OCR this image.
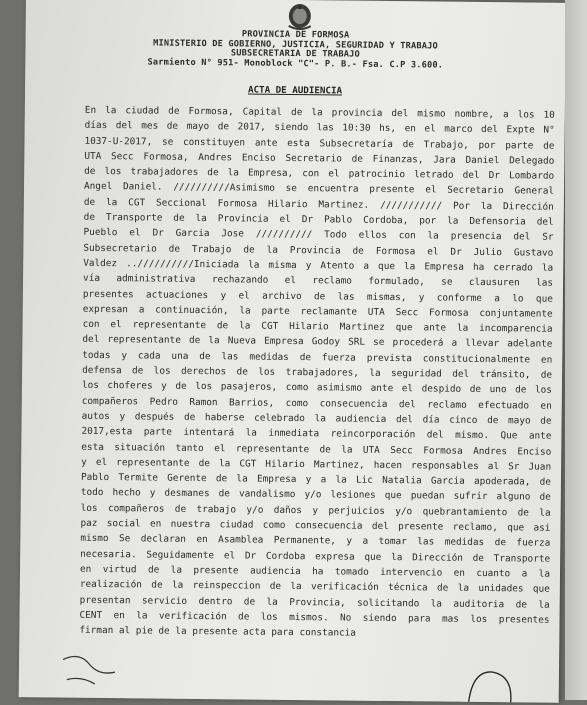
PROVINCIA DE FORMOSA
MINISTERIO DE GOBIERNO, JUSTICIA, SEGURIDAD Y TRABAJO
SUBSECRETARIA DE TRABAJO
Sarmiento N° 951- Monoblock "C"- P. B.- Fsa. C.P 3.600.
ACTA DE AUDIENCIA
En la ciudad de Formosa, Capital de la provincia del mismo nombre, a los 10
días del mes de mayo de 2017, siendo las 10:30 hs, en el marco del Expte N°
1037-U-2017, se constituyen ante esta Subsecretaría de Trabajo, por parte de
UTA Secc Formosa, Andres Enciso Secretario de Finanzas, Jara Daniel Delegado
de los trabajadores de la Empresa, con el patrocinio letrado del Dr Lombardo
Angel Daniel. //////////Asimismo se encuentra presente el Secretario General
de la CGT Seccional Formosa Hilario Martinez. /////////// Por la Dirección
de Transporte de la Provincia el Dr Pablo Cordoba, por la Defensoria del
Pueblo el Dr Garcia Jose ////////// Todo ellos con la presencia del Sr
Subsecretario de Trabajo de la Provincia de Formosa el Dr Julio Gustavo
Valdez ..//////////Iniciada la misma y Atento a que la Empresa ha cerrado la
vía administrativa rechazando el reclamo formulado, se clausuren las
presentes actuaciones y el archivo de las mismas, y conforme a lo que
expresan a continuación, la parte reclamante UTA Secc Formosa conjuntamente
con el representante de la CGT Hilario Martinez que ante la incomparencia
del representante de la Nueva Empresa Godoy SRL se procederá a llevar adelante
todas y cada una de las medidas de fuerza prevista constitucionalmente en
defensa de los derechos de los trabajadores, la seguridad del tránsito, de
los choferes y de los pasajeros, como asimismo ante el despido de uno de los
compañeros Pedro Ramon Barrios, como consecuencia del reclamo efectuado en
autos y después de haberse celebrado la audiencia del día cinco de mayo de
2017,esta parte intentará la inmediata reincorporación del mismo. Que ante
esta situación tanto el representante de la UTA Secc Formosa Andres Enciso
y el representante de la CGT Hilario Martinez, hacen responsables al Sr Juan
Pablo Termite Gerente de la Empresa y a la Lic Natalia Garcia apoderada, de
todo hecho y desmanes de vandalismo y/o lesiones que puedan sufrir alguno de
los compañeros de trabajo y/o daños y perjuicios y/o quebrantamiento de la
paz social en nuestra ciudad como consecuencia del presente reclamo, que asi
mismo Se declaran en Asamblea Permanente, y a tomar las medidas de fuerza
necesaria. Seguidamente el Dr Cordoba expresa que la Dirección de Transporte
en virtud de la presente audiencia ha tomado intervencio en cuanto a la
realización de la reinspeccion de la verificación técnica de la unidades que
presentan servicio dentro de la Provincia, solicitando la auditoria de la
CENT en la verificación de los mismos. No siendo para mas los presentes
firman al pie de la presente acta para constancia
